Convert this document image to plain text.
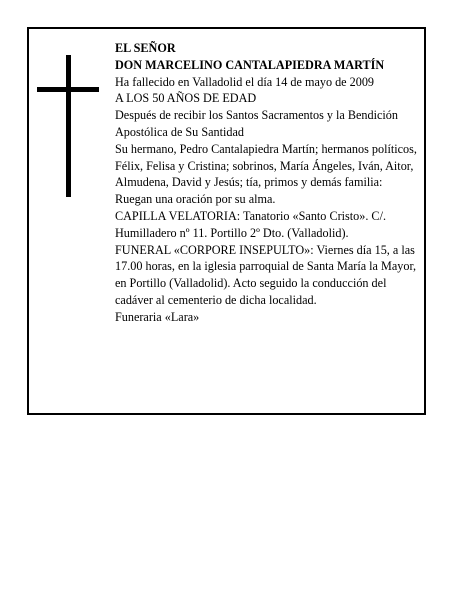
EL SEÑOR

DON MARCELINO CANTALAPIEDRA MARTÍN

Ha fallecido en Valladolid el día 14 de mayo de 2009

A LOS 50 AÑOS DE EDAD

Después de recibir los Santos Sacramentos y la Bendición Apostólica de Su Santidad

Su hermano, Pedro Cantalapiedra Martín; hermanos políticos, Félix, Felisa y Cristina; sobrinos, María Ángeles, Iván, Aitor, Almudena, David y Jesús; tía, primos y demás familia:

Ruegan una oración por su alma.

CAPILLA VELATORIA: Tanatorio «Santo Cristo». C/. Humilladero nº 11. Portillo 2º Dto. (Valladolid).

FUNERAL «CORPORE INSEPULTO»: Viernes día 15, a las 17.00 horas, en la iglesia parroquial de Santa María la Mayor, en Portillo (Valladolid). Acto seguido la conducción del cadáver al cementerio de dicha localidad.

Funeraria «Lara»
